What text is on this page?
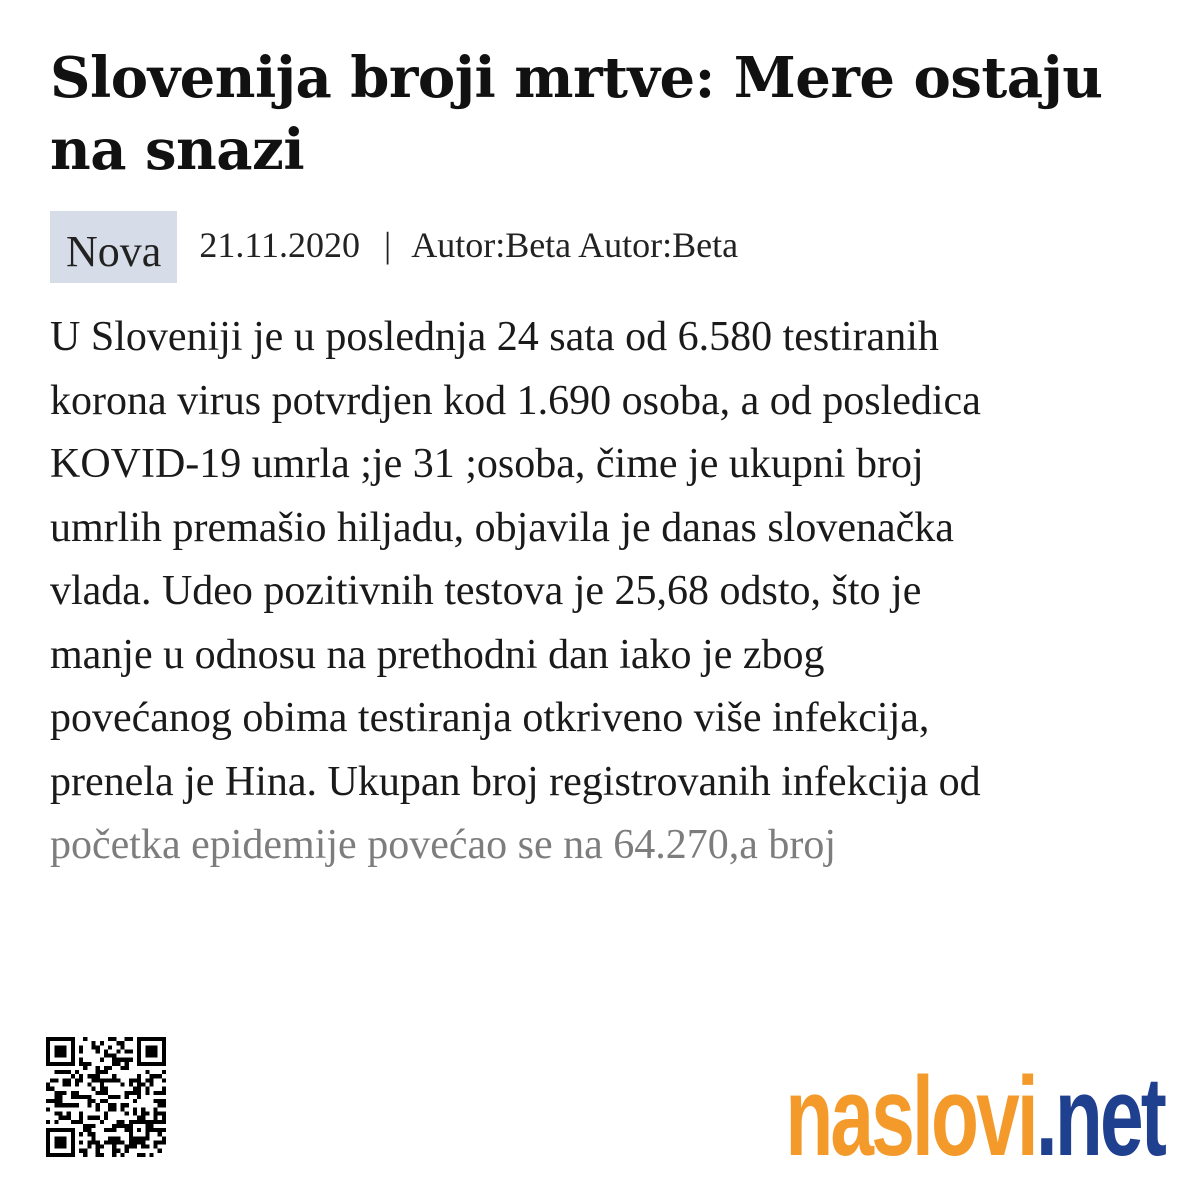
Slovenija broji mrtve: Mere ostaju na snazi
Nova	21.11.2020 | Autor:Beta Autor:Beta
U Sloveniji je u poslednja 24 sata od 6.580 testiranih
korona virus potvrdjen kod 1.690 osoba, a od posledica
KOVID-19 umrla ;je 31 ;osoba, čime je ukupni broj
umrlih premašio hiljadu, objavila je danas slovenačka
vlada. Udeo pozitivnih testova je 25,68 odsto, što je
manje u odnosu na prethodni dan iako je zbog
povećanog obima testiranja otkriveno više infekcija,
prenela je Hina. Ukupan broj registrovanih infekcija od
početka epidemije povećao se na 64.270,a broj
naslovi .net
